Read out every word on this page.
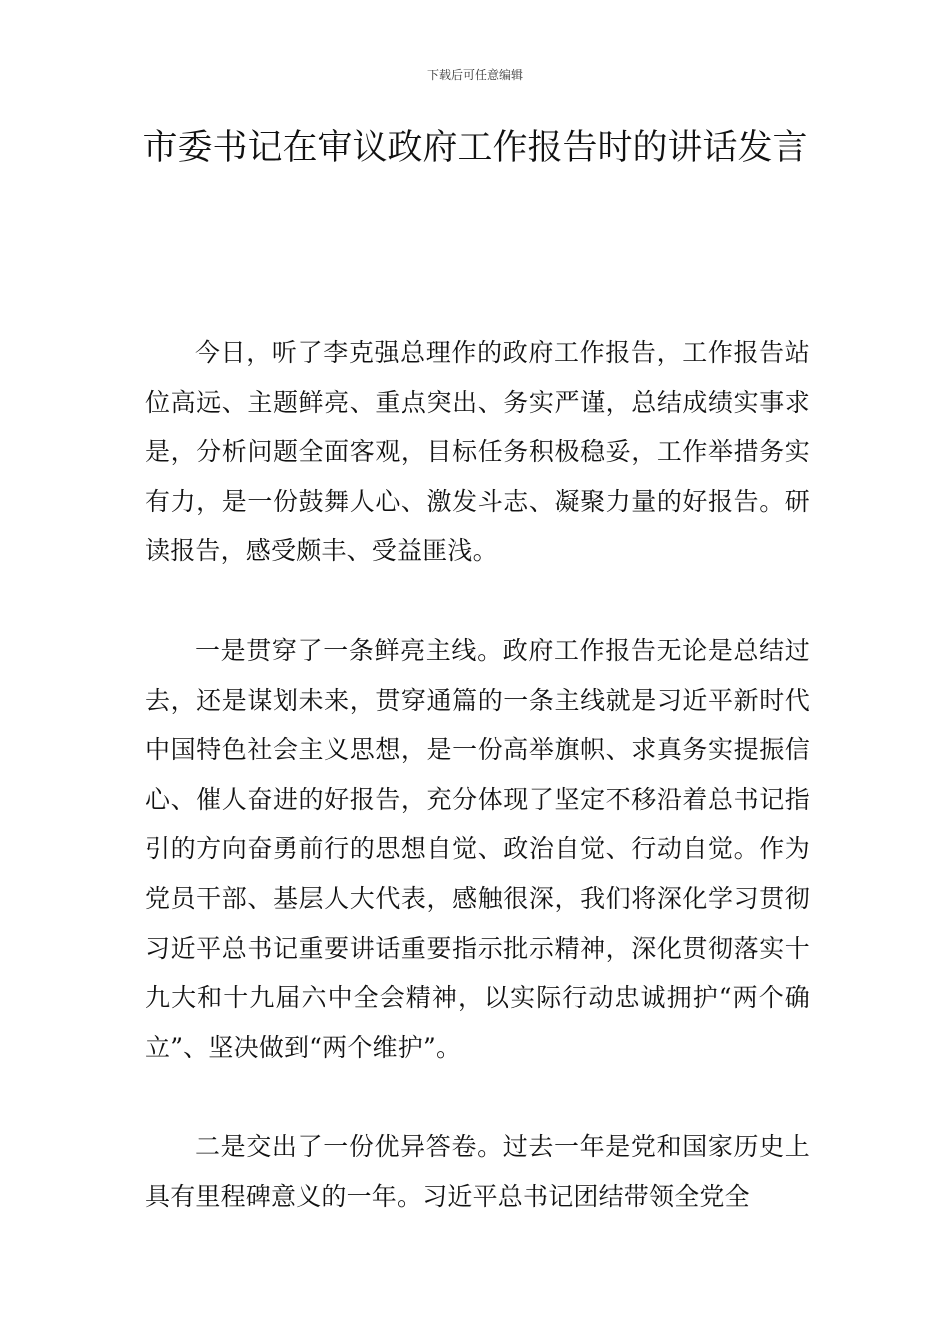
下载后可任意编辑
市委书记在审议政府工作报告时的讲话发言

今日，听了李克强总理作的政府工作报告，工作报告站位高远、主题鲜亮、重点突出、务实严谨，总结成绩实事求是，分析问题全面客观，目标任务积极稳妥，工作举措务实有力，是一份鼓舞人心、激发斗志、凝聚力量的好报告。研读报告，感受颇丰、受益匪浅。

一是贯穿了一条鲜亮主线。政府工作报告无论是总结过去，还是谋划未来，贯穿通篇的一条主线就是习近平新时代中国特色社会主义思想，是一份高举旗帜、求真务实提振信心、催人奋进的好报告，充分体现了坚定不移沿着总书记指引的方向奋勇前行的思想自觉、政治自觉、行动自觉。作为党员干部、基层人大代表，感触很深，我们将深化学习贯彻习近平总书记重要讲话重要指示批示精神，深化贯彻落实十九大和十九届六中全会精神，以实际行动忠诚拥护“两个确立”、坚决做到“两个维护”。

二是交出了一份优异答卷。过去一年是党和国家历史上具有里程碑意义的一年。习近平总书记团结带领全党全
